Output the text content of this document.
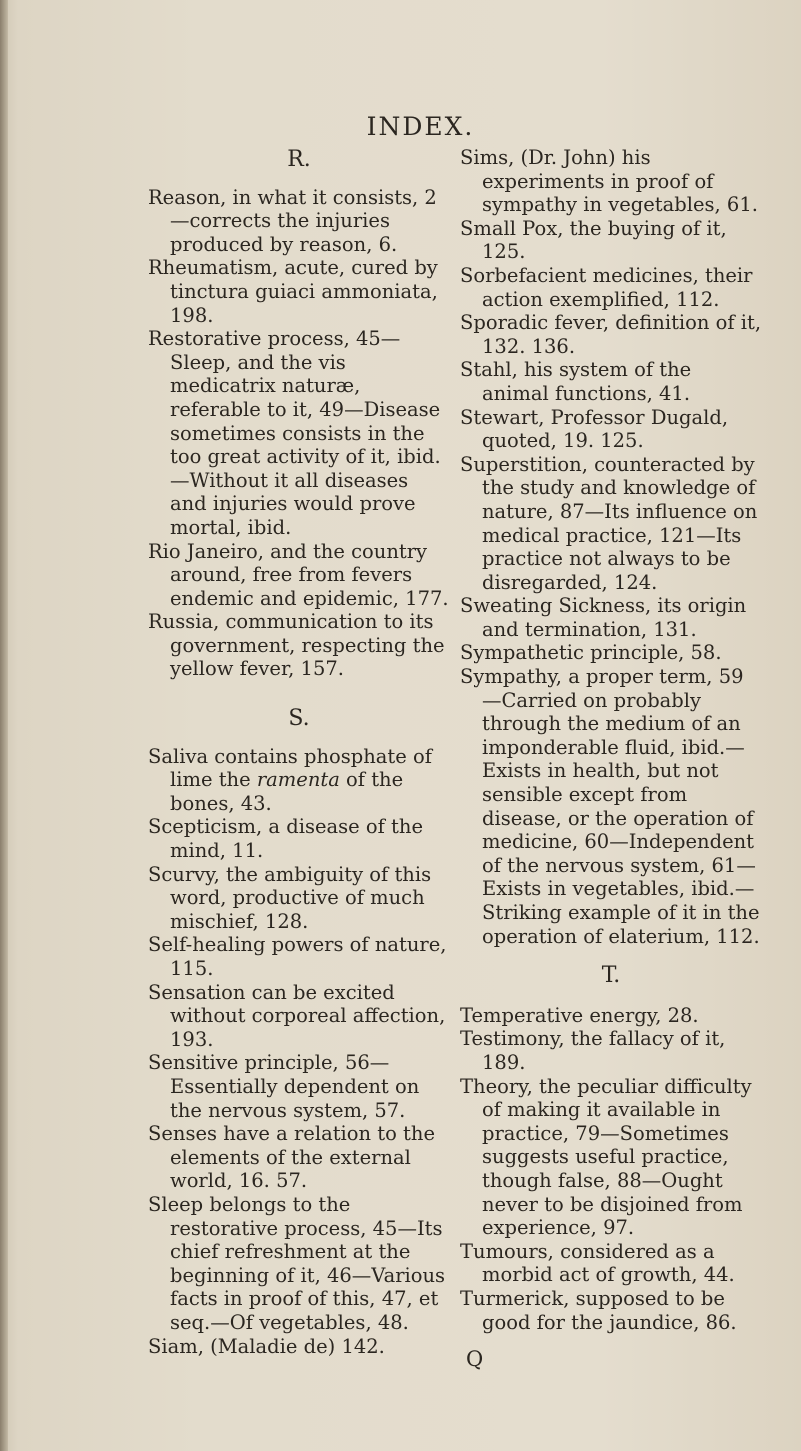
INDEX.
R.

Reason, in what it consists, 2—corrects the injuries produced by reason, 6.

Rheumatism, acute, cured by tinctura guiaci ammoniata, 198.

Restorative process, 45—Sleep, and the vis medicatrix naturæ, referable to it, 49—Disease sometimes consists in the too great activity of it, ibid.—Without it all diseases and injuries would prove mortal, ibid.

Rio Janeiro, and the country around, free from fevers endemic and epidemic, 177.

Russia, communication to its government, respecting the yellow fever, 157.

S.

Saliva contains phosphate of lime the ramenta of the bones, 43.

Scepticism, a disease of the mind, 11.

Scurvy, the ambiguity of this word, productive of much mischief, 128.

Self-healing powers of nature, 115.

Sensation can be excited without corporeal affection, 193.

Sensitive principle, 56—Essentially dependent on the nervous system, 57.

Senses have a relation to the elements of the external world, 16. 57.

Sleep belongs to the restorative process, 45—Its chief refreshment at the beginning of it, 46—Various facts in proof of this, 47, et seq.—Of vegetables, 48.

Siam, (Maladie de) 142.

Sims, (Dr. John) his experiments in proof of sympathy in vegetables, 61.

Small Pox, the buying of it, 125.

Sorbefacient medicines, their action exemplified, 112.

Sporadic fever, definition of it, 132. 136.

Stahl, his system of the animal functions, 41.

Stewart, Professor Dugald, quoted, 19. 125.

Superstition, counteracted by the study and knowledge of nature, 87—Its influence on medical practice, 121—Its practice not always to be disregarded, 124.

Sweating Sickness, its origin and termination, 131.

Sympathetic principle, 58.

Sympathy, a proper term, 59—Carried on probably through the medium of an imponderable fluid, ibid.—Exists in health, but not sensible except from disease, or the operation of medicine, 60—Independent of the nervous system, 61—Exists in vegetables, ibid.—Striking example of it in the operation of elaterium, 112.

T.

Temperative energy, 28.

Testimony, the fallacy of it, 189.

Theory, the peculiar difficulty of making it available in practice, 79—Sometimes suggests useful practice, though false, 88—Ought never to be disjoined from experience, 97.

Tumours, considered as a morbid act of growth, 44.

Turmerick, supposed to be good for the jaundice, 86.

Q
